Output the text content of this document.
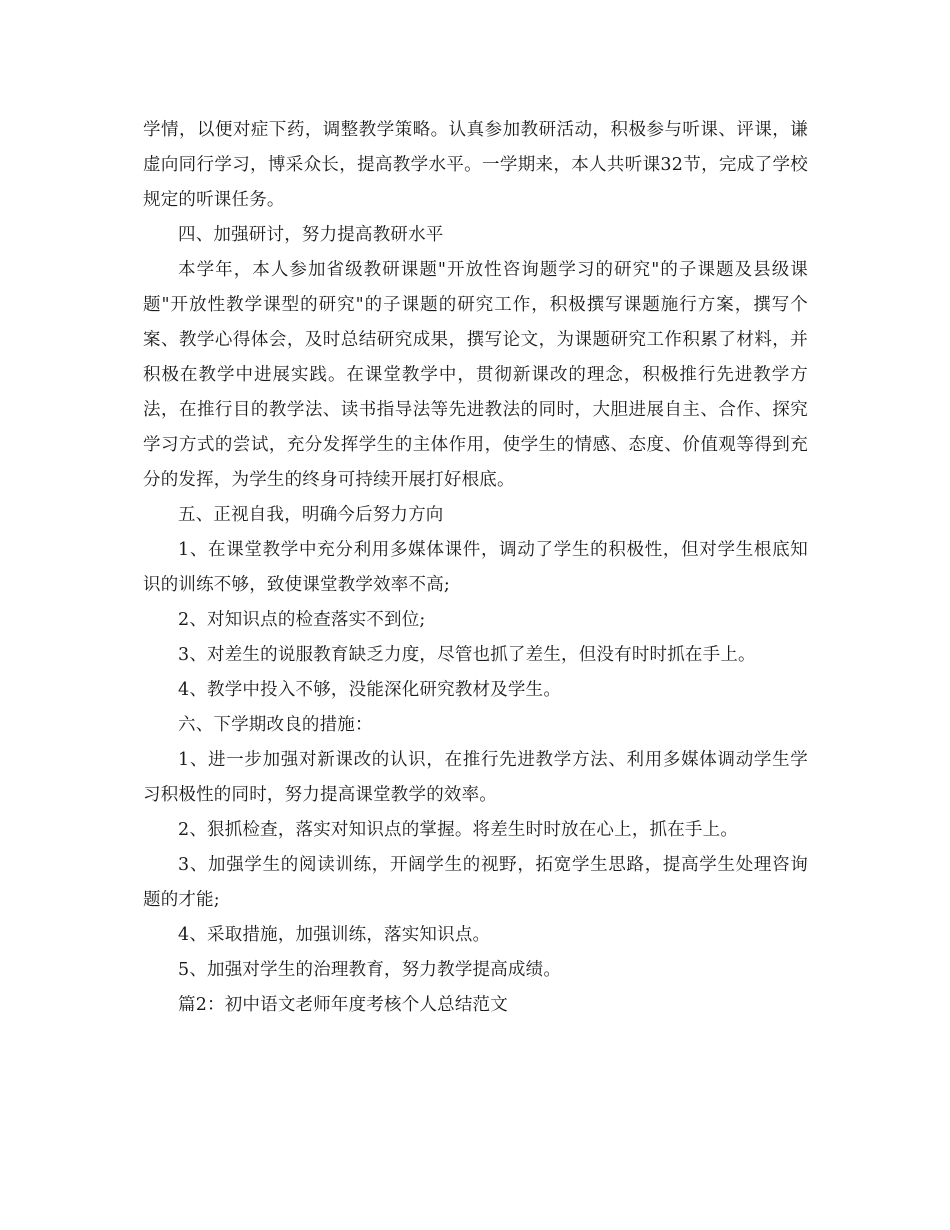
学情，以便对症下药，调整教学策略。认真参加教研活动，积极参与听课、评课，谦虚向同行学习，博采众长，提高教学水平。一学期来，本人共听课32节，完成了学校规定的听课任务。

四、加强研讨，努力提高教研水平

本学年，本人参加省级教研课题"开放性咨询题学习的研究"的子课题及县级课题"开放性教学课型的研究"的子课题的研究工作，积极撰写课题施行方案，撰写个案、教学心得体会，及时总结研究成果，撰写论文，为课题研究工作积累了材料，并积极在教学中进展实践。在课堂教学中，贯彻新课改的理念，积极推行先进教学方法，在推行目的教学法、读书指导法等先进教法的同时，大胆进展自主、合作、探究学习方式的尝试，充分发挥学生的主体作用，使学生的情感、态度、价值观等得到充分的发挥，为学生的终身可持续开展打好根底。

五、正视自我，明确今后努力方向

1、在课堂教学中充分利用多媒体课件，调动了学生的积极性，但对学生根底知识的训练不够，致使课堂教学效率不高;

2、对知识点的检查落实不到位;

3、对差生的说服教育缺乏力度，尽管也抓了差生，但没有时时抓在手上。

4、教学中投入不够，没能深化研究教材及学生。

六、下学期改良的措施：

1、进一步加强对新课改的认识，在推行先进教学方法、利用多媒体调动学生学习积极性的同时，努力提高课堂教学的效率。

2、狠抓检查，落实对知识点的掌握。将差生时时放在心上，抓在手上。

3、加强学生的阅读训练，开阔学生的视野，拓宽学生思路，提高学生处理咨询题的才能;

4、采取措施，加强训练，落实知识点。

5、加强对学生的治理教育，努力教学提高成绩。

篇2：初中语文老师年度考核个人总结范文
